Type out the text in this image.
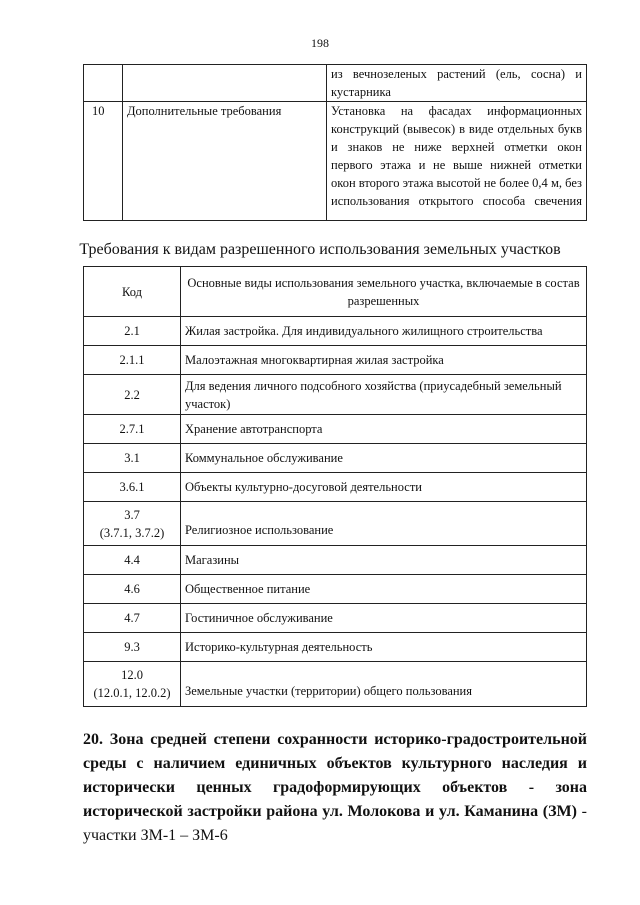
198
		из вечнозеленых растений (ель, сосна) и кустарника
10	Дополнительные требования	Установка на фасадах информационных конструкций (вывесок) в виде отдельных букв и знаков не ниже верхней отметки окон первого этажа и не выше нижней отметки окон второго этажа высотой не более 0,4 м, без использования открытого способа свечения
Требования к видам разрешенного использования земельных участков
Код	Основные виды использования земельного участка, включаемые в состав разрешенных

2.1	Жилая застройка. Для индивидуального жилищного строительства

2.1.1	Малоэтажная многоквартирная жилая застройка

2.2	Для ведения личного подсобного хозяйства (приусадебный земельный участок)

2.7.1	Хранение автотранспорта

3.1	Коммунальное обслуживание

3.6.1	Объекты культурно-досуговой деятельности

3.7
(3.7.1, 3.7.2)	Религиозное использование

4.4	Магазины

4.6	Общественное питание

4.7	Гостиничное обслуживание

9.3	Историко-культурная деятельность

12.0
(12.0.1, 12.0.2)	Земельные участки (территории) общего пользования
20. Зона средней степени сохранности историко-градостроительной среды с наличием единичных объектов культурного наследия и исторически ценных градоформирующих объектов - зона исторической застройки района ул. Молокова и ул. Каманина (ЗМ) - участки ЗМ-1 – ЗМ-6
